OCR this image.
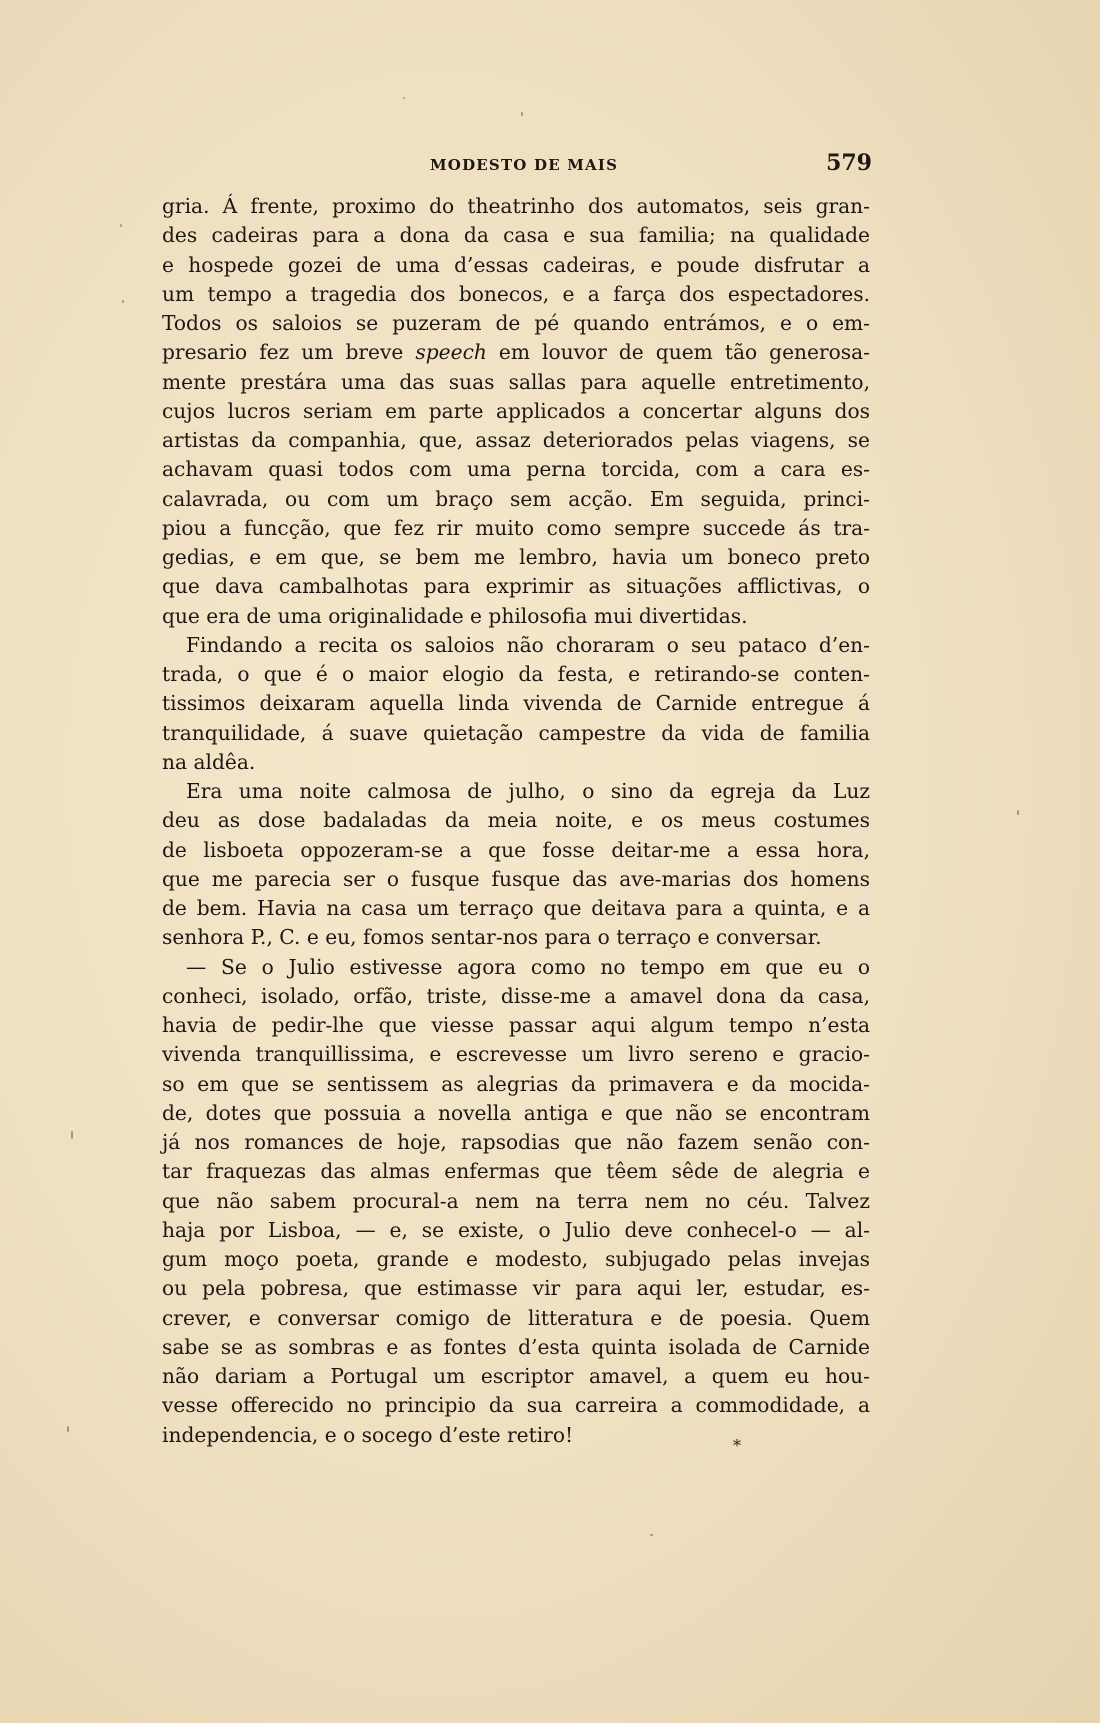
MODESTO DE MAIS	579
gria. Á frente, proximo do theatrinho dos automatos, seis gran-
des cadeiras para a dona da casa e sua familia; na qualidade
e hospede gozei de uma d’essas cadeiras, e poude disfrutar a
um tempo a tragedia dos bonecos, e a farça dos espectadores.
Todos os saloios se puzeram de pé quando entrámos, e o em-
presario fez um breve speech em louvor de quem tão generosa-
mente prestára uma das suas sallas para aquelle entretimento,
cujos lucros seriam em parte applicados a concertar alguns dos
artistas da companhia, que, assaz deteriorados pelas viagens, se
achavam quasi todos com uma perna torcida, com a cara es-
calavrada, ou com um braço sem acção. Em seguida, princi-
piou a funcção, que fez rir muito como sempre succede ás tra-
gedias, e em que, se bem me lembro, havia um boneco preto
que dava cambalhotas para exprimir as situações afflictivas, o
que era de uma originalidade e philosofia mui divertidas.
Findando a recita os saloios não choraram o seu pataco d’en-
trada, o que é o maior elogio da festa, e retirando-se conten-
tissimos deixaram aquella linda vivenda de Carnide entregue á
tranquilidade, á suave quietação campestre da vida de familia
na aldêa.
Era uma noite calmosa de julho, o sino da egreja da Luz
deu as dose badaladas da meia noite, e os meus costumes
de lisboeta oppozeram-se a que fosse deitar-me a essa hora,
que me parecia ser o fusque fusque das ave-marias dos homens
de bem. Havia na casa um terraço que deitava para a quinta, e a
senhora P., C. e eu, fomos sentar-nos para o terraço e conversar.
— Se o Julio estivesse agora como no tempo em que eu o
conheci, isolado, orfão, triste, disse-me a amavel dona da casa,
havia de pedir-lhe que viesse passar aqui algum tempo n’esta
vivenda tranquillissima, e escrevesse um livro sereno e gracio-
so em que se sentissem as alegrias da primavera e da mocida-
de, dotes que possuia a novella antiga e que não se encontram
já nos romances de hoje, rapsodias que não fazem senão con-
tar fraquezas das almas enfermas que têem sêde de alegria e
que não sabem procural-a nem na terra nem no céu. Talvez
haja por Lisboa, — e, se existe, o Julio deve conhecel-o — al-
gum moço poeta, grande e modesto, subjugado pelas invejas
ou pela pobresa, que estimasse vir para aqui ler, estudar, es-
crever, e conversar comigo de litteratura e de poesia. Quem
sabe se as sombras e as fontes d’esta quinta isolada de Carnide
não dariam a Portugal um escriptor amavel, a quem eu hou-
vesse offerecido no principio da sua carreira a commodidade, a
independencia, e o socego d’este retiro!	*
